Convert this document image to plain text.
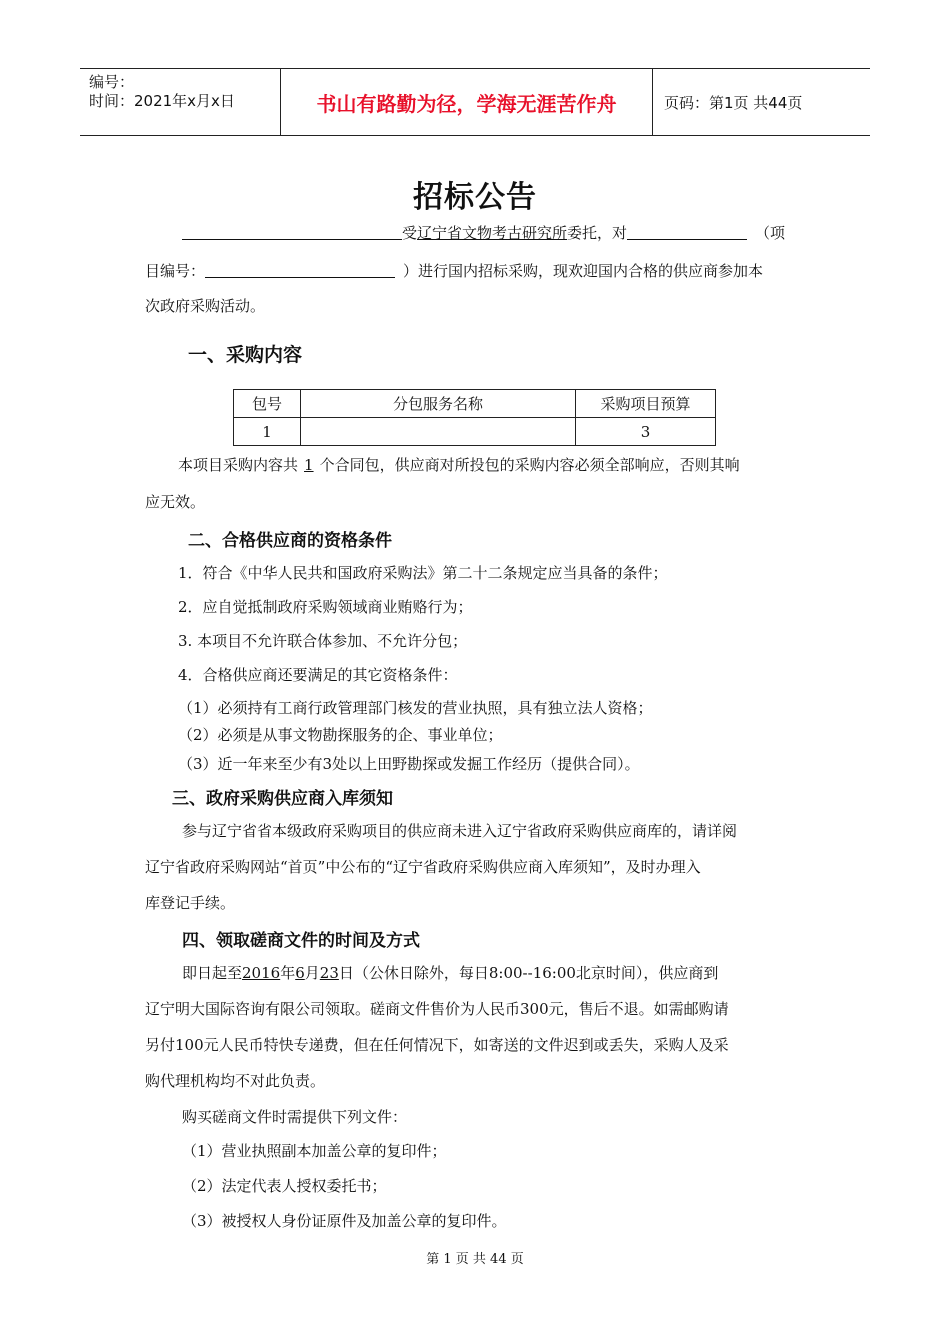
编号：
时间：2021年x月x日	书山有路勤为径，学海无涯苦作舟	页码：第1页 共44页
招标公告
受辽宁省文物考古研究所委托，对	（项
目编号：	）进行国内招标采购，现欢迎国内合格的供应商参加本
次政府采购活动。
一、采购内容
包号	分包服务名称	采购项目预算
1		3
本项目采购内容共 1 个合同包，供应商对所投包的采购内容必须全部响应，否则其响
应无效。
二、合格供应商的资格条件
1．符合《中华人民共和国政府采购法》第二十二条规定应当具备的条件；
2．应自觉抵制政府采购领域商业贿赂行为；
3. 本项目不允许联合体参加、不允许分包；
4．合格供应商还要满足的其它资格条件：
（1）必须持有工商行政管理部门核发的营业执照，具有独立法人资格；
（2）必须是从事文物勘探服务的企、事业单位；
（3）近一年来至少有3处以上田野勘探或发掘工作经历（提供合同）。
三、政府采购供应商入库须知
参与辽宁省省本级政府采购项目的供应商未进入辽宁省政府采购供应商库的，请详阅
辽宁省政府采购网站“首页”中公布的“辽宁省政府采购供应商入库须知”，及时办理入
库登记手续。
四、领取磋商文件的时间及方式
即日起至2016年6月23日（公休日除外，每日8:00--16:00北京时间），供应商到
辽宁明大国际咨询有限公司领取。磋商文件售价为人民币300元，售后不退。如需邮购请
另付100元人民币特快专递费，但在任何情况下，如寄送的文件迟到或丢失，采购人及采
购代理机构均不对此负责。
购买磋商文件时需提供下列文件：
（1）营业执照副本加盖公章的复印件；
（2）法定代表人授权委托书；
（3）被授权人身份证原件及加盖公章的复印件。
第 1 页 共 44 页
